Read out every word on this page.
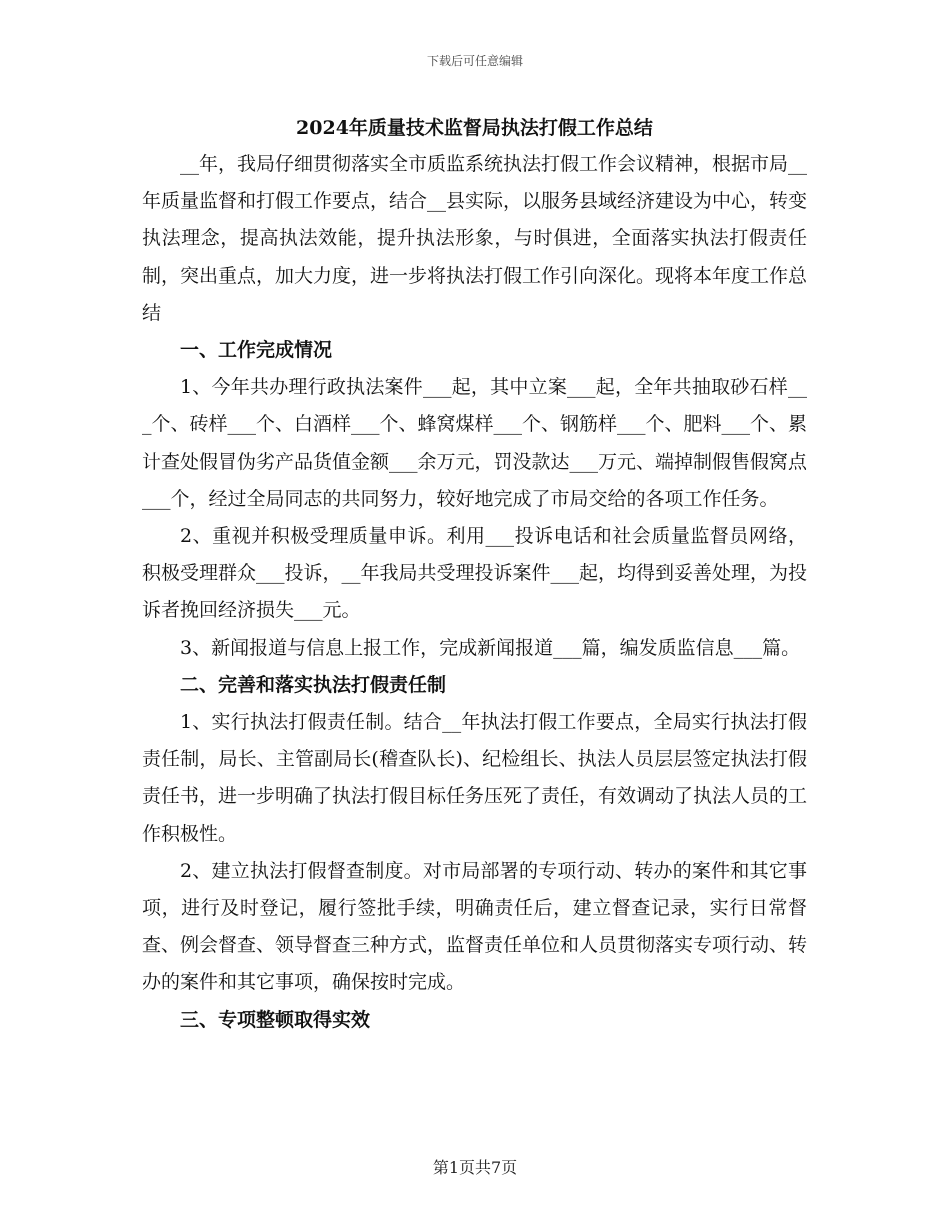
下载后可任意编辑
2024年质量技术监督局执法打假工作总结

__年，我局仔细贯彻落实全市质监系统执法打假工作会议精神，根据市局__年质量监督和打假工作要点，结合__县实际，以服务县域经济建设为中心，转变执法理念，提高执法效能，提升执法形象，与时俱进，全面落实执法打假责任制，突出重点，加大力度，进一步将执法打假工作引向深化。现将本年度工作总结

一、工作完成情况

1、今年共办理行政执法案件___起，其中立案___起，全年共抽取砂石样___个、砖样___个、白酒样___个、蜂窝煤样___个、钢筋样___个、肥料___个、累计查处假冒伪劣产品货值金额___余万元，罚没款达___万元、端掉制假售假窝点___个，经过全局同志的共同努力，较好地完成了市局交给的各项工作任务。

2、重视并积极受理质量申诉。利用___投诉电话和社会质量监督员网络，积极受理群众___投诉，__年我局共受理投诉案件___起，均得到妥善处理，为投诉者挽回经济损失___元。

3、新闻报道与信息上报工作，完成新闻报道___篇，编发质监信息___篇。

二、完善和落实执法打假责任制

1、实行执法打假责任制。结合__年执法打假工作要点，全局实行执法打假责任制，局长、主管副局长(稽查队长)、纪检组长、执法人员层层签定执法打假责任书，进一步明确了执法打假目标任务压死了责任，有效调动了执法人员的工作积极性。

2、建立执法打假督查制度。对市局部署的专项行动、转办的案件和其它事项，进行及时登记，履行签批手续，明确责任后，建立督查记录，实行日常督查、例会督查、领导督查三种方式，监督责任单位和人员贯彻落实专项行动、转办的案件和其它事项，确保按时完成。

三、专项整顿取得实效

第1页共7页
